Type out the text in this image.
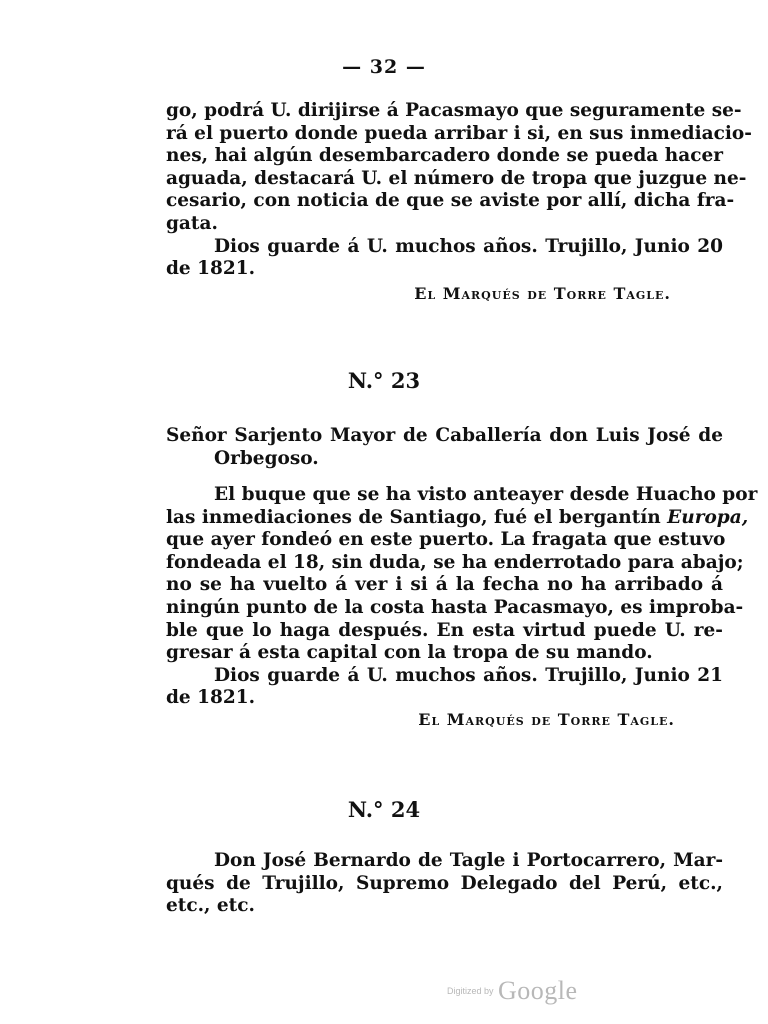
— 32 —
go, podrá U. dirijirse á Pacasmayo que seguramente se-
rá el puerto donde pueda arribar i si, en sus inmediacio-
nes, hai algún desembarcadero donde se pueda hacer
aguada, destacará U. el número de tropa que juzgue ne-
cesario, con noticia de que se aviste por allí, dicha fra-
gata.
Dios guarde á U. muchos años. Trujillo, Junio 20
de 1821.
El Marqués de Torre Tagle.
N.° 23
Señor Sarjento Mayor de Caballería don Luis José de
Orbegoso.
El buque que se ha visto anteayer desde Huacho por
las inmediaciones de Santiago, fué el bergantín Europa,
que ayer fondeó en este puerto. La fragata que estuvo
fondeada el 18, sin duda, se ha enderrotado para abajo;
no se ha vuelto á ver i si á la fecha no ha arribado á
ningún punto de la costa hasta Pacasmayo, es improba-
ble que lo haga después. En esta virtud puede U. re-
gresar á esta capital con la tropa de su mando.
Dios guarde á U. muchos años. Trujillo, Junio 21
de 1821.
El Marqués de Torre Tagle.
N.° 24
Don José Bernardo de Tagle i Portocarrero, Mar-
qués de Trujillo, Supremo Delegado del Perú, etc.,
etc., etc.
Digitized by Google
